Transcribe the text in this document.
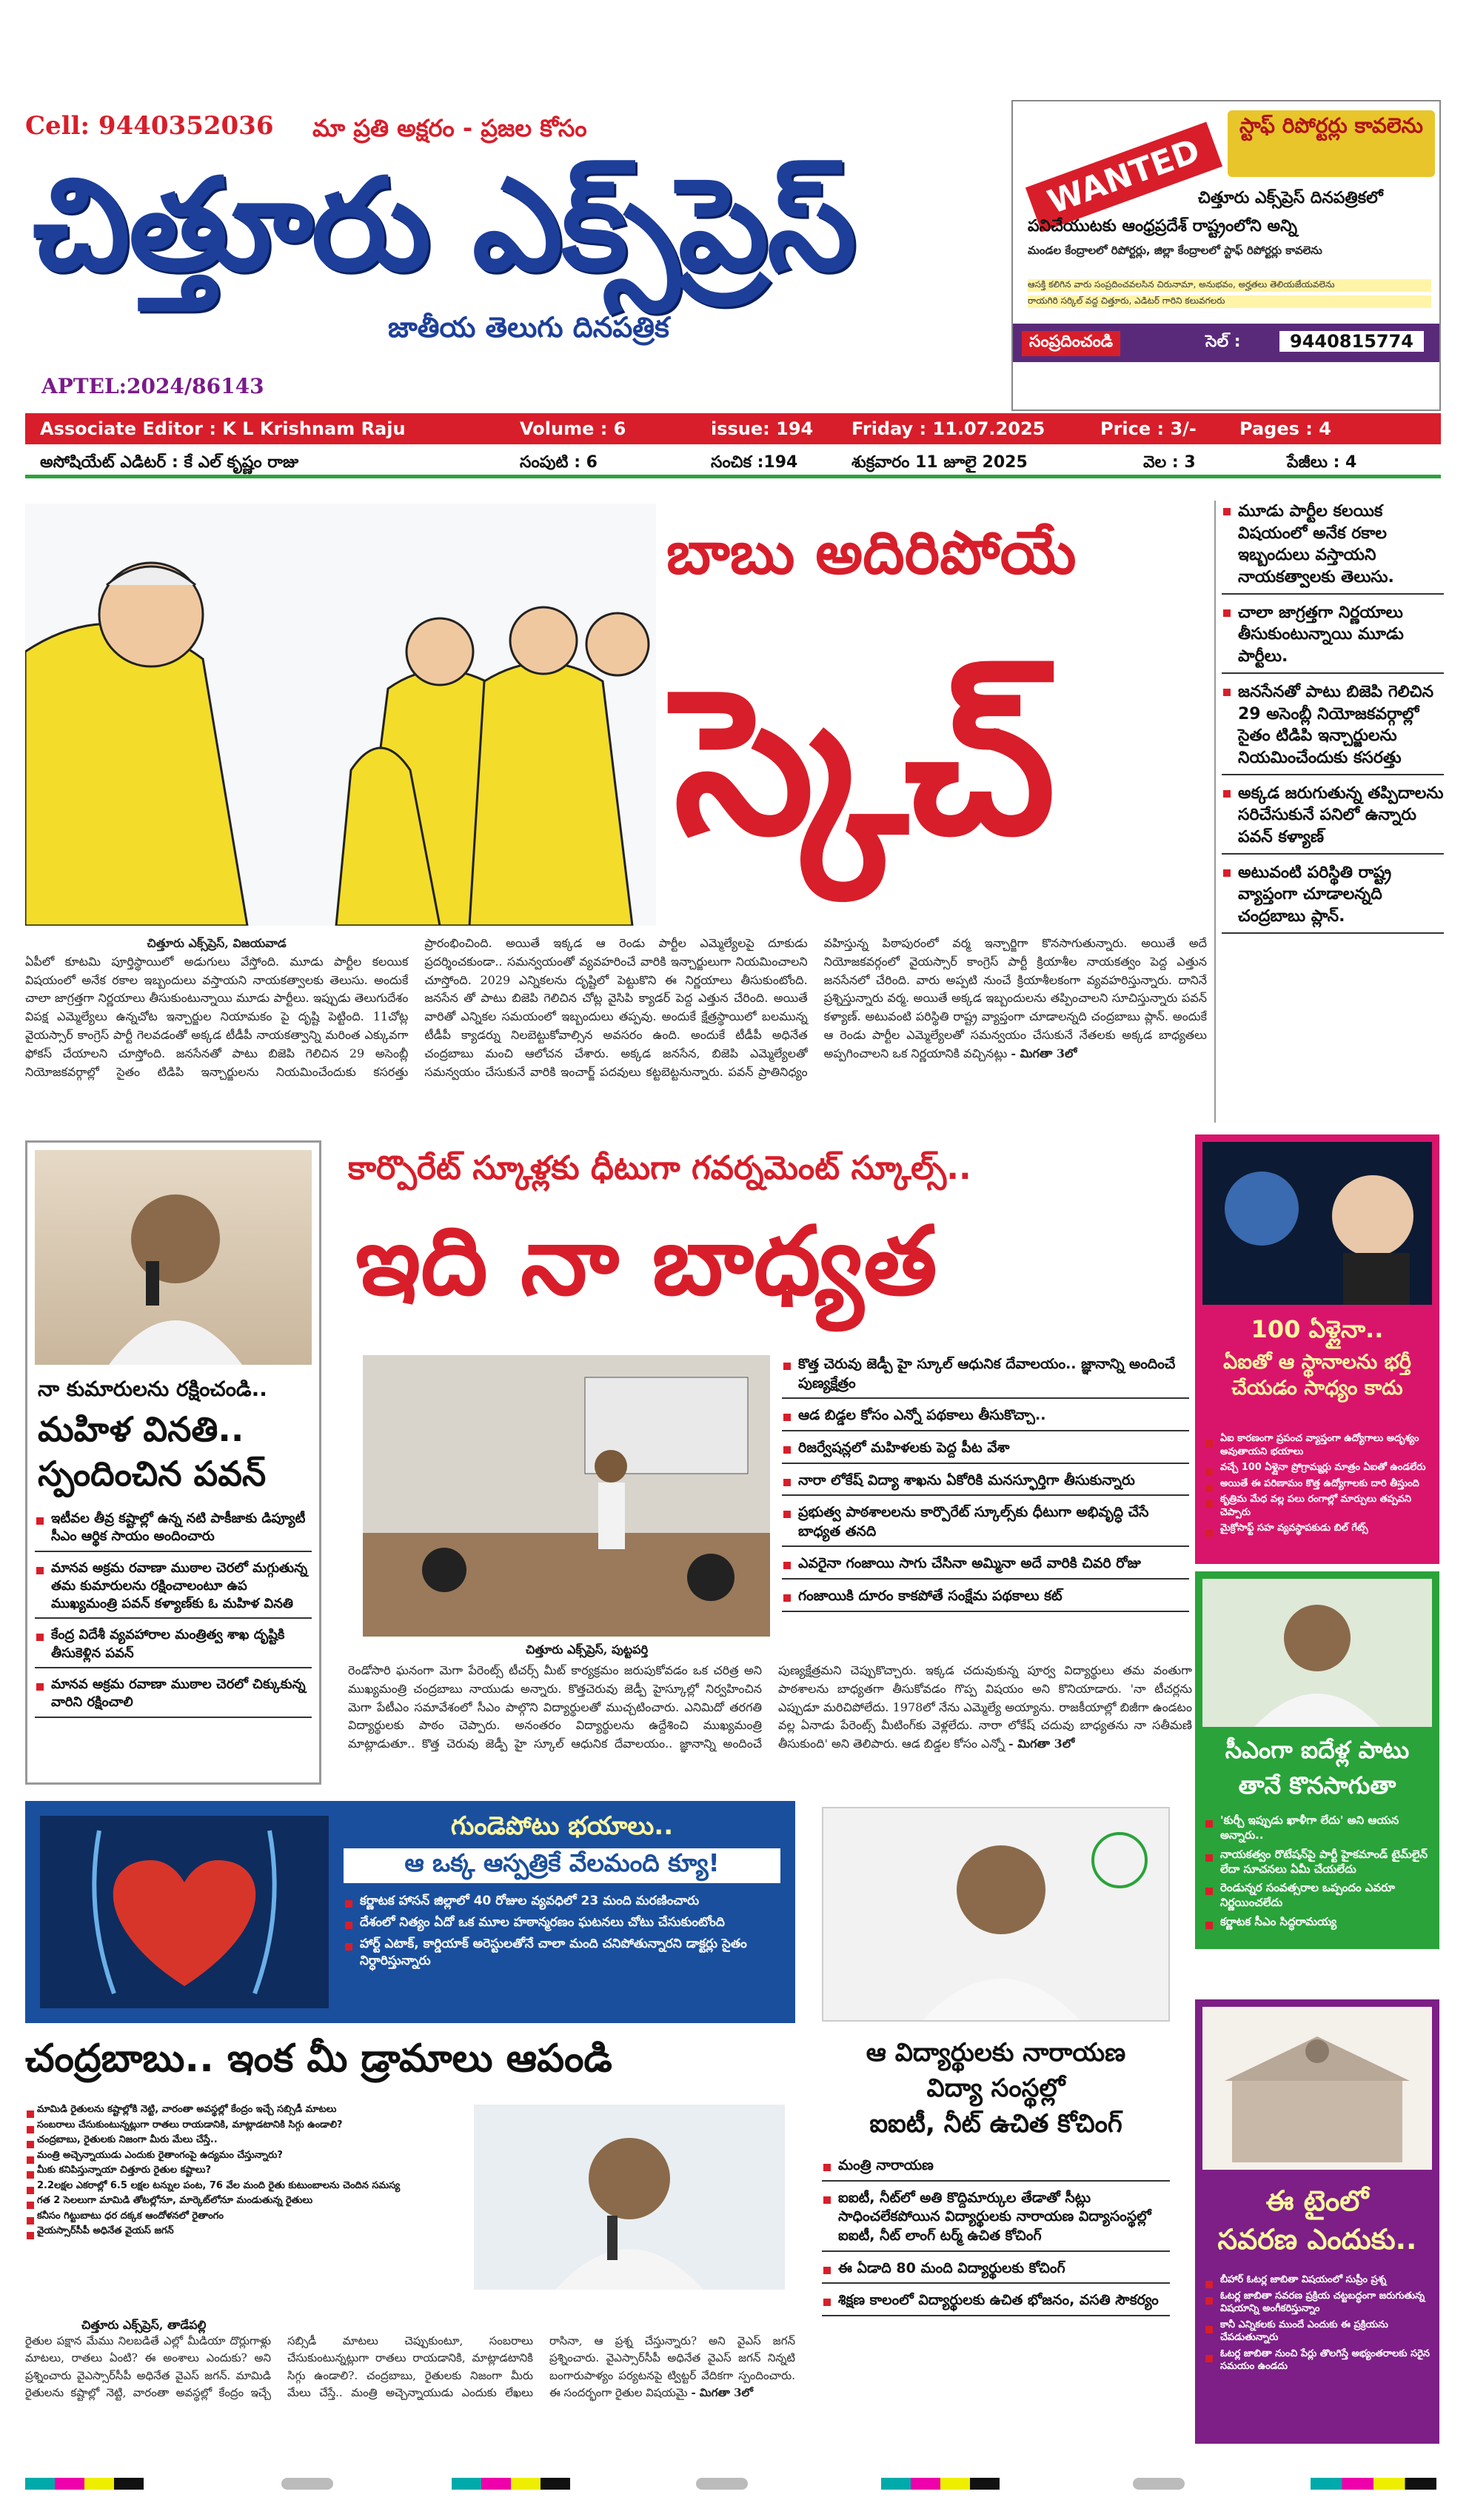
Cell: 9440352036 మా ప్రతి అక్షరం - ప్రజల కోసం
చిత్తూరు ఎక్స్‌ప్రెస్
జాతీయ తెలుగు దినపత్రిక
APTEL:2024/86143
WANTED
స్టాఫ్ రిపోర్టర్లు కావలెను
చిత్తూరు ఎక్స్‌ప్రెస్ దినపత్రికలో
పనిచేయుటకు ఆంధ్రప్రదేశ్ రాష్ట్రంలోని అన్ని
మండల కేంద్రాలలో రిపోర్టర్లు, జిల్లా కేంద్రాలలో స్టాఫ్ రిపోర్టర్లు కావలెను
ఆసక్తి కలిగిన వారు సంప్రదించవలసిన చిరునామా, అనుభవం, అర్హతలు తెలియజేయవలెను
రాయగిరి సర్కిల్ వద్ద చిత్తూరు, ఎడిటర్ గారిని కలువగలరు
సంప్రదించండి	సెల్ :	9440815774
Associate Editor : K L Krishnam Raju	Volume : 6	issue: 194 Friday : 11.07.2025	Price : 3/- Pages : 4
అసోషియేట్ ఎడిటర్ : కే ఎల్ కృష్ణం రాజు	సంపుటి : 6	సంచిక :194	శుక్రవారం 11 జూలై 2025	వెల : 3	పేజీలు : 4
బాబు అదిరిపోయే
స్కెచ్
చిత్తూరు ఎక్స్‌ప్రెస్, విజయవాడ
ఏపీలో కూటమి పూర్తిస్థాయిలో అడుగులు వేస్తోంది. మూడు పార్టీల కలయిక విషయంలో అనేక రకాల ఇబ్బందులు వస్తాయని నాయకత్వాలకు తెలుసు. అందుకే చాలా జాగ్రత్తగా నిర్ణయాలు తీసుకుంటున్నాయి మూడు పార్టీలు. ఇప్పుడు తెలుగుదేశం విపక్ష ఎమ్మెల్యేలు ఉన్నచోట ఇన్చార్జుల నియామకం పై దృష్టి పెట్టింది. 11చోట్ల వైయస్సార్ కాంగ్రెస్ పార్టీ గెలవడంతో అక్కడ టీడీపీ నాయకత్వాన్ని మరింత ఎక్కువగా ఫోకస్ చేయాలని చూస్తోంది. జనసేనతో పాటు బిజెపి గెలిచిన 29 అసెంబ్లీ నియోజకవర్గాల్లో సైతం టిడిపి ఇన్చార్జులను నియమించేందుకు కసరత్తు ప్రారంభించింది. అయితే ఇక్కడ ఆ రెండు పార్టీల ఎమ్మెల్యేలపై దూకుడు ప్రదర్శించకుండా.. సమన్వయంతో వ్యవహరించే వారికి ఇన్చార్జులుగా నియమించాలని చూస్తోంది. 2029 ఎన్నికలను దృష్టిలో పెట్టుకొని ఈ నిర్ణయాలు తీసుకుంటోంది. జనసేన తో పాటు బిజెపి గెలిచిన చోట్ల వైసిపి క్యాడర్ పెద్ద ఎత్తున చేరింది. అయితే వారితో ఎన్నికల సమయంలో ఇబ్బందులు తప్పవు. అందుకే క్షేత్రస్థాయిలో బలమున్న టీడీపీ క్యాడర్ను నిలబెట్టుకోవాల్సిన అవసరం ఉంది. అందుకే టీడీపీ అధినేత చంద్రబాబు మంచి ఆలోచన చేశారు. అక్కడ జనసేన, బిజెపి ఎమ్మెల్యేలతో సమన్వయం చేసుకునే వారికి ఇంచార్జ్ పదవులు కట్టబెట్టనున్నారు. పవన్ ప్రాతినిధ్యం వహిస్తున్న పిఠాపురంలో వర్మ ఇన్చార్జిగా కొనసాగుతున్నారు. అయితే అదే నియోజకవర్గంలో వైయస్సార్ కాంగ్రెస్ పార్టీ క్రియాశీల నాయకత్వం పెద్ద ఎత్తున జనసేనలో చేరింది. వారు అప్పటి నుంచే క్రియాశీలకంగా వ్యవహరిస్తున్నారు. దానినే ప్రశ్నిస్తున్నారు వర్మ. అయితే అక్కడ ఇబ్బందులను తప్పించాలని సూచిస్తున్నారు పవన్ కళ్యాణ్. అటువంటి పరిస్థితి రాష్ట్ర వ్యాప్తంగా చూడాలన్నది చంద్రబాబు ప్లాన్. అందుకే ఆ రెండు పార్టీల ఎమ్మెల్యేలతో సమన్వయం చేసుకునే నేతలకు అక్కడ బాధ్యతలు అప్పగించాలని ఒక నిర్ణయానికి వచ్చినట్లు - మిగతా 3లో
మూడు పార్టీల కలయిక విషయంలో అనేక రకాల ఇబ్బందులు వస్తాయని నాయకత్వాలకు తెలుసు.
చాలా జాగ్రత్తగా నిర్ణయాలు తీసుకుంటున్నాయి మూడు పార్టీలు.
జనసేనతో పాటు బిజెపి గెలిచిన 29 అసెంబ్లీ నియోజకవర్గాల్లో సైతం టిడిపి ఇన్చార్జులను నియమించేందుకు కసరత్తు
అక్కడ జరుగుతున్న తప్పిదాలను సరిచేసుకునే పనిలో ఉన్నారు పవన్ కళ్యాణ్
అటువంటి పరిస్థితి రాష్ట్ర వ్యాప్తంగా చూడాలన్నది చంద్రబాబు ప్లాన్.
నా కుమారులను రక్షించండి..
మహిళ వినతి..
స్పందించిన పవన్
ఇటీవల తీవ్ర కష్టాల్లో ఉన్న నటి పాకీజాకు డిప్యూటీ సీఎం ఆర్థిక సాయం అందించారు
మానవ అక్రమ రవాణా ముఠాల చెరలో మగ్గుతున్న తమ కుమారులను రక్షించాలంటూ ఉప ముఖ్యమంత్రి పవన్ కళ్యాణ్‌కు ఓ మహిళ వినతి
కేంద్ర విదేశీ వ్యవహారాల మంత్రిత్వ శాఖ దృష్టికి తీసుకెళ్లిన పవన్
మానవ అక్రమ రవాణా ముఠాల చెరలో చిక్కుకున్న వారిని రక్షించాలి
కార్పొరేట్ స్కూళ్లకు ధీటుగా గవర్నమెంట్ స్కూల్స్..
ఇది నా బాధ్యత
చిత్తూరు ఎక్స్‌ప్రెస్, పుట్టపర్తి
కొత్త చెరువు జెడ్పీ హై స్కూల్ ఆధునిక దేవాలయం.. జ్ఞానాన్ని అందించే పుణ్యక్షేత్రం
ఆడ బిడ్డల కోసం ఎన్నో పథకాలు తీసుకొచ్చా..
రిజర్వేషన్లలో మహిళలకు పెద్ద పీట వేశా
నారా లోకేష్ విద్యా శాఖను ఏకోరికి మనస్ఫూర్తిగా తీసుకున్నారు
ప్రభుత్వ పాఠశాలలను కార్పొరేట్ స్కూల్స్‌కు ధీటుగా అభివృద్ధి చేసే బాధ్యత తనది
ఎవరైనా గంజాయి సాగు చేసినా అమ్మినా అదే వారికి చివరి రోజు
గంజాయికి దూరం కాకపోతే సంక్షేమ పథకాలు కట్
రెండోసారి ఘనంగా మెగా పేరెంట్స్ టీచర్స్ మీట్ కార్యక్రమం జరుపుకోవడం ఒక చరిత్ర అని ముఖ్యమంత్రి చంద్రబాబు నాయుడు అన్నారు. కొత్తచెరువు జెడ్పీ హైస్కూల్లో నిర్వహించిన మెగా పేటీఎం సమావేశంలో సీఎం పాల్గొని విద్యార్థులతో ముచ్చటించారు. ఎనిమిదో తరగతి విద్యార్థులకు పాఠం చెప్పారు. అనంతరం విద్యార్థులను ఉద్దేశించి ముఖ్యమంత్రి మాట్లాడుతూ.. కొత్త చెరువు జెడ్పీ హై స్కూల్ ఆధునిక దేవాలయం.. జ్ఞానాన్ని అందించే పుణ్యక్షేత్రమని చెప్పుకొచ్చారు. ఇక్కడ చదువుకున్న పూర్వ విద్యార్థులు తమ వంతుగా పాఠశాలను బాధ్యతగా తీసుకోవడం గొప్ప విషయం అని కొనియాడారు. 'నా టీచర్లను ఎప్పుడూ మరిచిపోలేదు. 1978లో నేను ఎమ్మెల్యే అయ్యాను. రాజకీయాల్లో బిజీగా ఉండటం వల్ల ఏనాడు పేరెంట్స్ మీటింగ్‌కు వెళ్లలేదు. నారా లోకేష్ చదువు బాధ్యతను నా సతీమణి తీసుకుంది' అని తెలిపారు. ఆడ బిడ్డల కోసం ఎన్నో - మిగతా 3లో
100 ఏళ్లైనా..
ఏఐతో ఆ స్థానాలను భర్తీ చేయడం సాధ్యం కాదు
ఏఐ కారణంగా ప్రపంచ వ్యాప్తంగా ఉద్యోగాలు అదృశ్యం అవుతాయని భయాలు
వచ్చే 100 ఏళ్లైనా ప్రోగ్రామ్మర్లు మాత్రం ఏఐతో ఉండలేరు
అయితే ఈ పరిణామం కొత్త ఉద్యోగాలకు దారి తీస్తుంది
కృత్రిమ మేధ వల్ల పలు రంగాల్లో మార్పులు తప్పవని చెప్పారు
మైక్రోసాఫ్ట్ సహ వ్యవస్థాపకుడు బిల్ గేట్స్
సీఎంగా ఐదేళ్ల పాటు
తానే కొనసాగుతా
'కుర్చీ ఇప్పుడు ఖాళీగా లేదు' అని ఆయన అన్నారు..
నాయకత్వం రొటేషన్‌పై పార్టీ హైకమాండ్ టైమ్‌లైన్ లేదా సూచనలు ఏమీ చేయలేదు
రెండున్నర సంవత్సరాల ఒప్పందం ఎవరూ నిర్ణయించలేదు
కర్ణాటక సీఎం సిద్ధరామయ్య
గుండెపోటు భయాలు..
ఆ ఒక్క ఆస్పత్రికే వేలమంది క్యూ!
కర్ణాటక హాసన్ జిల్లాలో 40 రోజుల వ్యవధిలో 23 మంది మరణించారు
దేశంలో నిత్యం ఏదో ఒక మూల హఠాన్మరణం ఘటనలు చోటు చేసుకుంటోంది
హార్ట్ ఎటాక్, కార్డియాక్ అరెస్టులతోనే చాలా మంది చనిపోతున్నారని డాక్టర్లు సైతం నిర్ధారిస్తున్నారు
చంద్రబాబు.. ఇంక మీ డ్రామాలు ఆపండి
మామిడి రైతులను కష్టాల్లోకి నెట్టి, వారంతా అవస్థల్లో కేంద్రం ఇచ్చే సబ్సిడీ మాటలు
సంబరాలు చేసుకుంటున్నట్లుగా రాతలు రాయడానికి, మాట్లాడటానికి సిగ్గు ఉండాలి?
చంద్రబాబు, రైతులకు నిజంగా మీరు మేలు చేస్తే..
మంత్రి అచ్చెన్నాయుడు ఎందుకు రైతాంగంపై ఉద్యమం చేస్తున్నారు?
మీకు కనిపిస్తున్నాయా చిత్తూరు రైతుల కష్టాలు?
2.2లక్షల ఎకరాల్లో 6.5 లక్షల టన్నుల పంట, 76 వేల మంది రైతు కుటుంబాలను చెందిన సమస్య
గత 2 సెలలుగా మామిడి తోటల్లోనూ, మార్కెట్‌లోనూ మండుతున్న రైతులు
కనీసం గిట్టుబాటు ధర దక్కక ఆందోళనలో రైతాంగం
వైయస్సార్‌సీపీ అధినేత వైయస్ జగన్
చిత్తూరు ఎక్స్‌ప్రెస్, తాడేపల్లి
రైతుల పక్షాన మేము నిలబడితే ఎల్లో మీడియా దొర్లుగాళ్లు మాటలు, రాతలు ఏంటి? ఈ అంశాలు ఎందుకు? అని ప్రశ్నించారు వైఎస్సార్‌సీపీ అధినేత వైఎస్ జగన్. మామిడి రైతులను కష్టాల్లో నెట్టి, వారంతా అవస్థల్లో కేంద్రం ఇచ్చే సబ్సిడీ మాటలు చెప్పుకుంటూ, సంబరాలు చేసుకుంటున్నట్లుగా రాతలు రాయడానికి, మాట్లాడటానికి సిగ్గు ఉండాలి?. చంద్రబాబు, రైతులకు నిజంగా మీరు మేలు చేస్తే.. మంత్రి అచ్చెన్నాయుడు ఎందుకు లేఖలు రాసినా, ఆ ప్రశ్న చేస్తున్నారు? అని వైఎస్ జగన్ ప్రశ్నించారు. వైఎస్సార్‌సీపీ అధినేత వైఎస్ జగన్ నిన్నటి బంగారుపాళ్యం పర్యటనపై ట్విట్టర్ వేదికగా స్పందించారు. ఈ సందర్భంగా రైతుల విషయమై - మిగతా 3లో
ఆ విద్యార్థులకు నారాయణ
విద్యా సంస్థల్లో
ఐఐటీ, నీట్ ఉచిత కోచింగ్
మంత్రి నారాయణ
ఐఐటీ, నీట్‌లో అతి కొద్దిమార్కుల తేడాతో సీట్లు సాధించలేకపోయిన విద్యార్థులకు నారాయణ విద్యాసంస్థల్లో ఐఐటీ, నీట్ లాంగ్ టర్మ్ ఉచిత కోచింగ్
ఈ ఏడాది 80 మంది విద్యార్థులకు కోచింగ్
శిక్షణ కాలంలో విద్యార్థులకు ఉచిత భోజనం, వసతి సౌకర్యం
ఈ టైంలో
సవరణ ఎందుకు..
బీహార్ ఓటర్ల జాబితా విషయంలో సుప్రీం ప్రశ్న
ఓటర్ల జాబితా సవరణ ప్రక్రియ చట్టబద్ధంగా జరుగుతున్న విషయాన్ని అంగీకరిస్తున్నాం
కానీ ఎన్నికలకు ముందే ఎందుకు ఈ ప్రక్రియను చేపడుతున్నారు
ఓటర్ల జాబితా నుంచి పేర్లు తొలగిస్తే అభ్యంతరాలకు సరైన సమయం ఉండదు
